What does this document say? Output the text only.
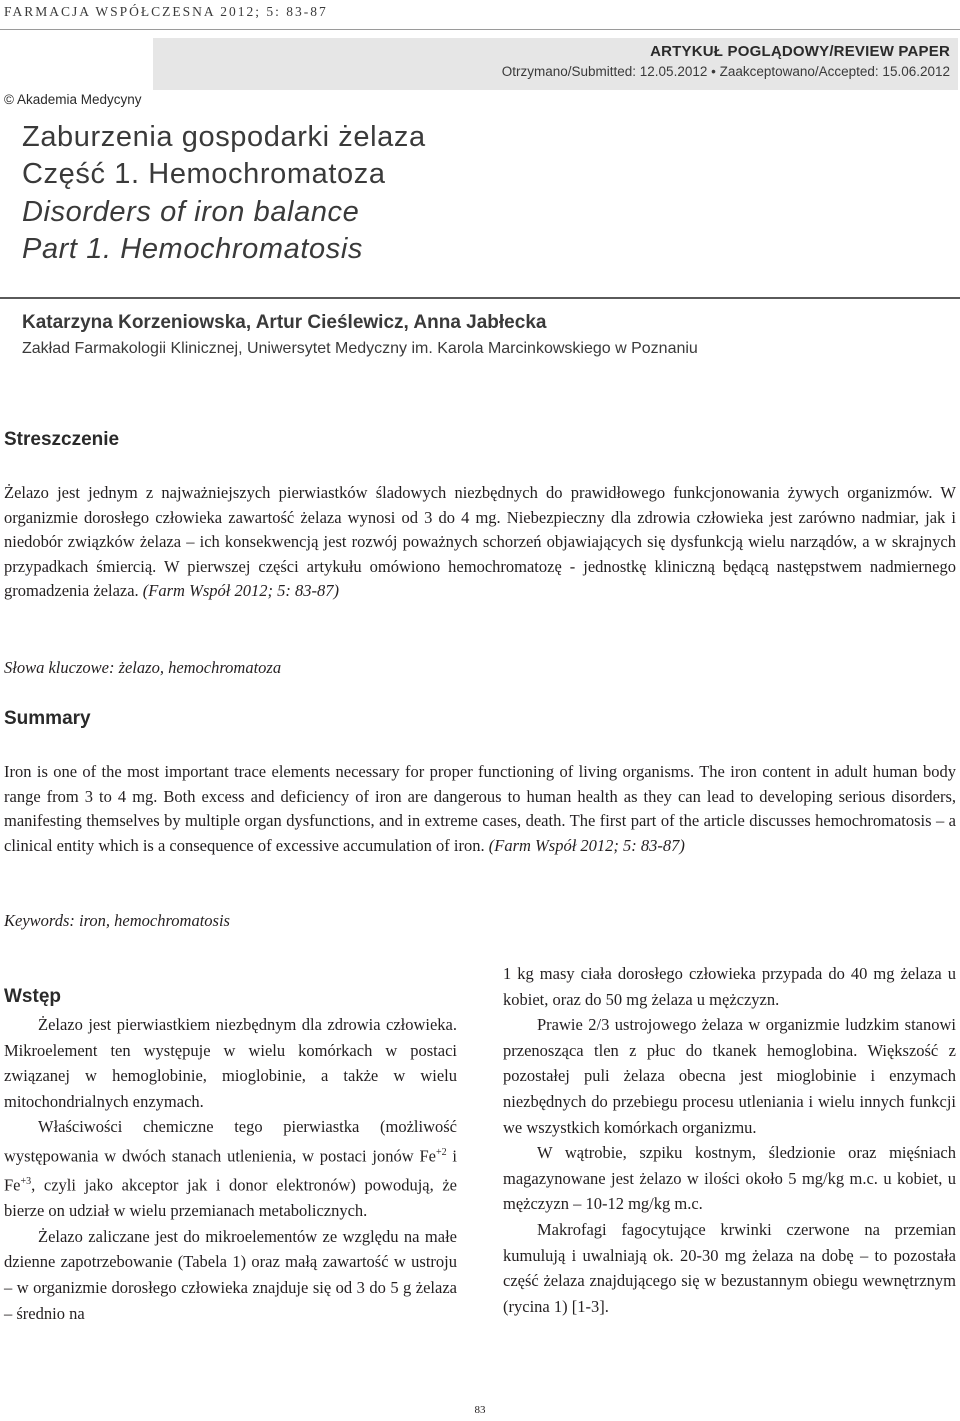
FARMACJA WSPÓŁCZESNA 2012; 5: 83-87
ARTYKUŁ POGLĄDOWY/REVIEW PAPER
Otrzymano/Submitted: 12.05.2012 • Zaakceptowano/Accepted: 15.06.2012
© Akademia Medycyny
Zaburzenia gospodarki żelaza
Część 1. Hemochromatoza
Disorders of iron balance
Part 1. Hemochromatosis
Katarzyna Korzeniowska, Artur Cieślewicz, Anna Jabłecka
Zakład Farmakologii Klinicznej, Uniwersytet Medyczny im. Karola Marcinkowskiego w Poznaniu
Streszczenie

Żelazo jest jednym z najważniejszych pierwiastków śladowych niezbędnych do prawidłowego funkcjonowania żywych organizmów. W organizmie dorosłego człowieka zawartość żelaza wynosi od 3 do 4 mg. Niebezpieczny dla zdrowia człowieka jest zarówno nadmiar, jak i niedobór związków żelaza – ich konsekwencją jest rozwój poważnych schorzeń objawiających się dysfunkcją wielu narządów, a w skrajnych przypadkach śmiercią. W pierwszej części artykułu omówiono hemochromatozę - jednostkę kliniczną będącą następstwem nadmiernego gromadzenia żelaza. (Farm Współ 2012; 5: 83-87)

Słowa kluczowe: żelazo, hemochromatoza
Summary

Iron is one of the most important trace elements necessary for proper functioning of living organisms. The iron content in adult human body range from 3 to 4 mg. Both excess and deficiency of iron are dangerous to human health as they can lead to developing serious disorders, manifesting themselves by multiple organ dysfunctions, and in extreme cases, death. The first part of the article discusses hemochromatosis – a clinical entity which is a consequence of excessive accumulation of iron. (Farm Współ 2012; 5: 83-87)

Keywords: iron, hemochromatosis
Wstęp

Żelazo jest pierwiastkiem niezbędnym dla zdrowia człowieka. Mikroelement ten występuje w wielu komórkach w postaci związanej w hemoglobinie, mioglobinie, a także w wielu mitochondrialnych enzymach.

Właściwości chemiczne tego pierwiastka (możliwość występowania w dwóch stanach utlenienia, w postaci jonów $Fe^{+2}$ i $Fe^{+3}$, czyli jako akceptor jak i donor elektronów) powodują, że bierze on udział w wielu przemianach metabolicznych.

Żelazo zaliczane jest do mikroelementów ze względu na małe dzienne zapotrzebowanie (Tabela 1) oraz małą zawartość w ustroju – w organizmie dorosłego człowieka znajduje się od 3 do 5 g żelaza – średnio na

1 kg masy ciała dorosłego człowieka przypada do 40 mg żelaza u kobiet, oraz do 50 mg żelaza u mężczyzn.

Prawie 2/3 ustrojowego żelaza w organizmie ludzkim stanowi przenosząca tlen z płuc do tkanek hemoglobina. Większość z pozostałej puli żelaza obecna jest mioglobinie i enzymach niezbędnych do przebiegu procesu utleniania i wielu innych funkcji we wszystkich komórkach organizmu.

W wątrobie, szpiku kostnym, śledzionie oraz mięśniach magazynowane jest żelazo w ilości około 5 mg/kg m.c. u kobiet, u mężczyzn – 10-12 mg/kg m.c.

Makrofagi fagocytujące krwinki czerwone na przemian kumulują i uwalniają ok. 20-30 mg żelaza na dobę – to pozostała część żelaza znajdującego się w bezustannym obiegu wewnętrznym (rycina 1) [1-3].

83
